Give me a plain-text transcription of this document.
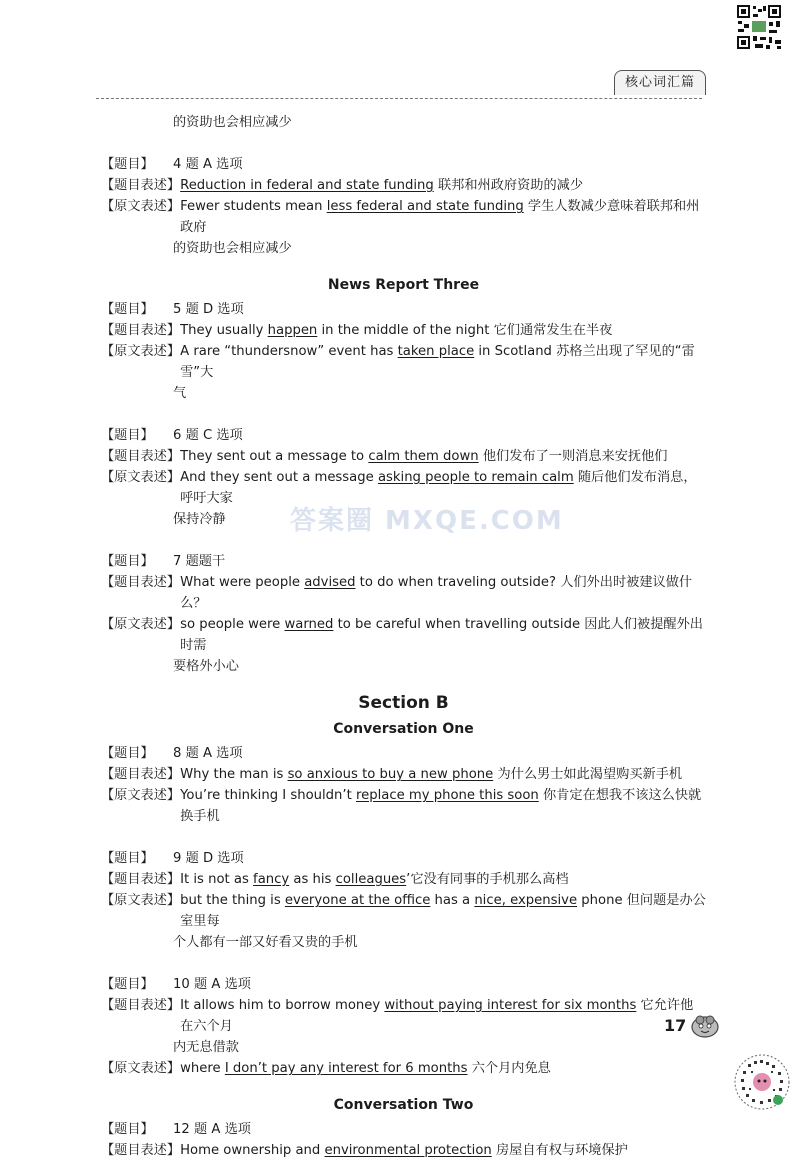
核心词汇篇
答案圈 MXQE.COM
的资助也会相应减少
【题目】	4 题 A 选项
【题目表述】 Reduction in federal and state funding 联邦和州政府资助的减少
【原文表述】 Fewer students mean less federal and state funding 学生人数减少意味着联邦和州政府
的资助也会相应减少
News Report Three
【题目】	5 题 D 选项
【题目表述】 They usually happen in the middle of the night 它们通常发生在半夜
【原文表述】 A rare “thundersnow” event has taken place in Scotland 苏格兰出现了罕见的“雷雪”大
气
【题目】	6 题 C 选项
【题目表述】 They sent out a message to calm them down 他们发布了一则消息来安抚他们
【原文表述】 And they sent out a message asking people to remain calm 随后他们发布消息，呼吁大家
保持冷静
【题目】	7 题题干
【题目表述】 What were people advised to do when traveling outside? 人们外出时被建议做什么？
【原文表述】 so people were warned to be careful when travelling outside 因此人们被提醒外出时需
要格外小心
Section B
Conversation One
【题目】	8 题 A 选项
【题目表述】 Why the man is so anxious to buy a new phone 为什么男士如此渴望购买新手机
【原文表述】 You’re thinking I shouldn’t replace my phone this soon 你肯定在想我不该这么快就换手机
【题目】	9 题 D 选项
【题目表述】 It is not as fancy as his colleagues’它没有同事的手机那么高档
【原文表述】 but the thing is everyone at the office has a nice, expensive phone 但问题是办公室里每
个人都有一部又好看又贵的手机
【题目】	10 题 A 选项
【题目表述】 It allows him to borrow money without paying interest for six months 它允许他在六个月
内无息借款
【原文表述】 where I don’t pay any interest for 6 months 六个月内免息
Conversation Two
【题目】	12 题 A 选项
【题目表述】 Home ownership and environmental protection 房屋自有权与环境保护
17
